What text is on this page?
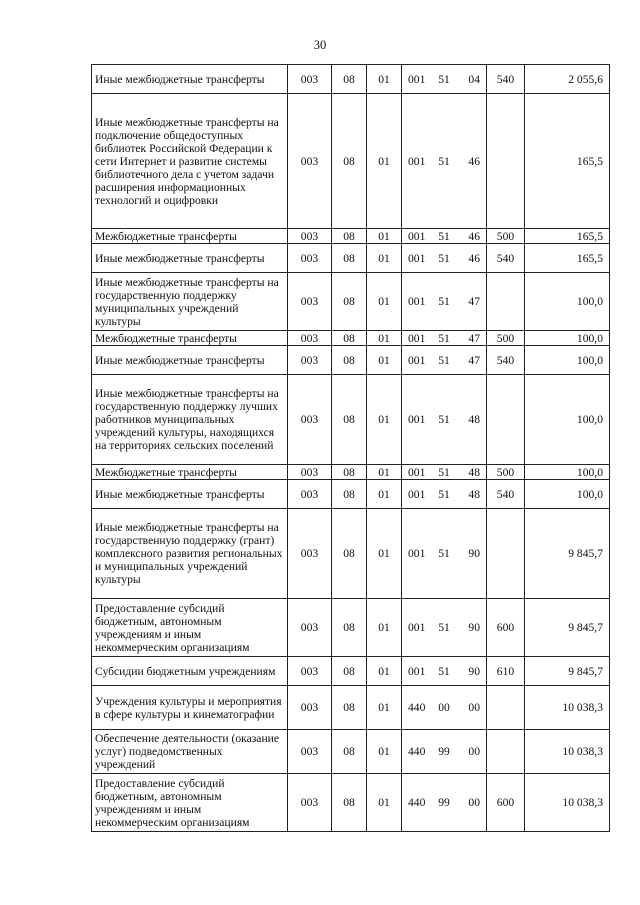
30
Иные межбюджетные трансферты	003	08	01	001	51	04	540	2 055,6
Иные межбюджетные трансферты на подключение общедоступных библиотек Российской Федерации к сети Интернет и развитие системы библиотечного дела с учетом задачи расширения информационных технологий и оцифровки	003	08	01	001	51	46		165,5
Межбюджетные трансферты	003	08	01	001	51	46	500	165,5
Иные межбюджетные трансферты	003	08	01	001	51	46	540	165,5
Иные межбюджетные трансферты на государственную поддержку муниципальных учреждений культуры	003	08	01	001	51	47		100,0
Межбюджетные трансферты	003	08	01	001	51	47	500	100,0
Иные межбюджетные трансферты	003	08	01	001	51	47	540	100,0
Иные межбюджетные трансферты на государственную поддержку лучших работников муниципальных учреждений культуры, находящихся на территориях сельских поселений	003	08	01	001	51	48		100,0
Межбюджетные трансферты	003	08	01	001	51	48	500	100,0
Иные межбюджетные трансферты	003	08	01	001	51	48	540	100,0
Иные межбюджетные трансферты на государственную поддержку (грант) комплексного развития региональных и муниципальных учреждений культуры	003	08	01	001	51	90		9 845,7
Предоставление субсидий бюджетным, автономным учреждениям и иным некоммерческим организациям	003	08	01	001	51	90	600	9 845,7
Субсидии бюджетным учреждениям	003	08	01	001	51	90	610	9 845,7
Учреждения культуры и мероприятия в сфере культуры и кинематографии	003	08	01	440	00	00		10 038,3
Обеспечение деятельности (оказание услуг) подведомственных учреждений	003	08	01	440	99	00		10 038,3
Предоставление субсидий бюджетным, автономным учреждениям и иным некоммерческим организациям	003	08	01	440	99	00	600	10 038,3
